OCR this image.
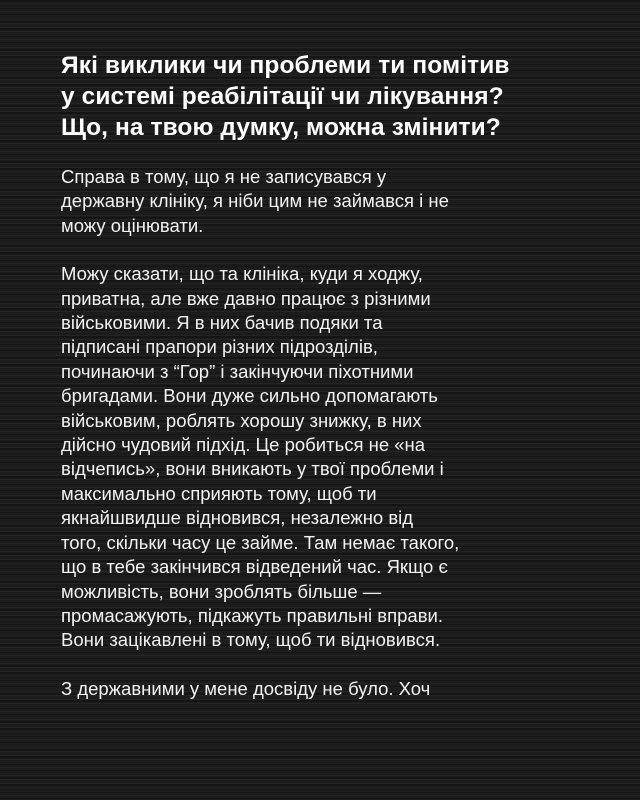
Які виклики чи проблеми ти помітив
у системі реабілітації чи лікування?
Що, на твою думку, можна змінити?

Справа в тому, що я не записувався у
державну клініку, я ніби цим не займався і не
можу оцінювати.

Можу сказати, що та клініка, куди я ходжу,
приватна, але вже давно працює з різними
військовими. Я в них бачив подяки та
підписані прапори різних підрозділів,
починаючи з “Гор” і закінчуючи піхотними
бригадами. Вони дуже сильно допомагають
військовим, роблять хорошу знижку, в них
дійсно чудовий підхід. Це робиться не «на
відчепись», вони вникають у твої проблеми і
максимально сприяють тому, щоб ти
якнайшвидше відновився, незалежно від
того, скільки часу це займе. Там немає такого,
що в тебе закінчився відведений час. Якщо є
можливість, вони зроблять більше —
промасажують, підкажуть правильні вправи.
Вони зацікавлені в тому, щоб ти відновився.

З державними у мене досвіду не було. Хоч
